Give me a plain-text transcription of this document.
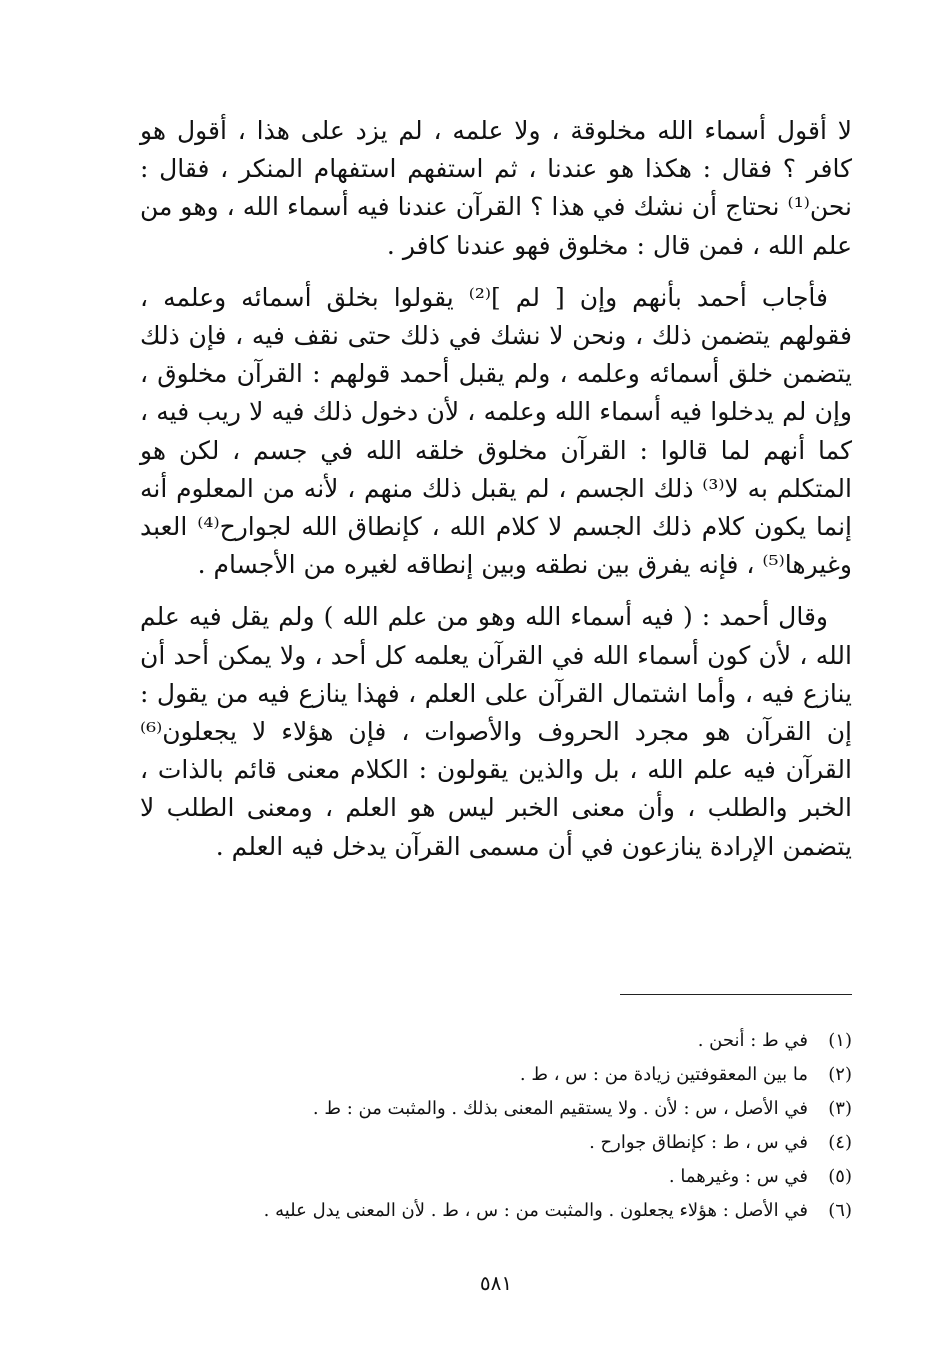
لا أقول أسماء الله مخلوقة ، ولا علمه ، لم يزد على هذا ، أقول هو كافر ؟ فقال : هكذا هو عندنا ، ثم استفهم استفهام المنكر ، فقال : نحن⁽¹⁾ نحتاج أن نشك في هذا ؟ القرآن عندنا فيه أسماء الله ، وهو من علم الله ، فمن قال : مخلوق فهو عندنا كافر .

فأجاب أحمد بأنهم وإن [ لم ]⁽²⁾ يقولوا بخلق أسمائه وعلمه ، فقولهم يتضمن ذلك ، ونحن لا نشك في ذلك حتى نقف فيه ، فإن ذلك يتضمن خلق أسمائه وعلمه ، ولم يقبل أحمد قولهم : القرآن مخلوق ، وإن لم يدخلوا فيه أسماء الله وعلمه ، لأن دخول ذلك فيه لا ريب فيه ، كما أنهم لما قالوا : القرآن مخلوق خلقه الله في جسم ، لكن هو المتكلم به لا⁽³⁾ ذلك الجسم ، لم يقبل ذلك منهم ، لأنه من المعلوم أنه إنما يكون كلام ذلك الجسم لا كلام الله ، كإنطاق الله لجوارح⁽⁴⁾ العبد وغيرها⁽⁵⁾ ، فإنه يفرق بين نطقه وبين إنطاقه لغيره من الأجسام .

وقال أحمد : ( فيه أسماء الله وهو من علم الله ) ولم يقل فيه علم الله ، لأن كون أسماء الله في القرآن يعلمه كل أحد ، ولا يمكن أحد أن ينازع فيه ، وأما اشتمال القرآن على العلم ، فهذا ينازع فيه من يقول : إن القرآن هو مجرد الحروف والأصوات ، فإن هؤلاء لا يجعلون⁽⁶⁾ القرآن فيه علم الله ، بل والذين يقولون : الكلام معنى قائم بالذات ، الخبر والطلب ، وأن معنى الخبر ليس هو العلم ، ومعنى الطلب لا يتضمن الإرادة ينازعون في أن مسمى القرآن يدخل فيه العلم .

(١)
في ط : أنحن .
(٢)
ما بين المعقوفتين زيادة من : س ، ط .
(٣)
في الأصل ، س : لأن . ولا يستقيم المعنى بذلك . والمثبت من : ط .
(٤)
في س ، ط : كإنطاق جوارح .
(٥)
في س : وغيرهما .
(٦)
في الأصل : هؤلاء يجعلون . والمثبت من : س ، ط . لأن المعنى يدل عليه .
٥٨١
